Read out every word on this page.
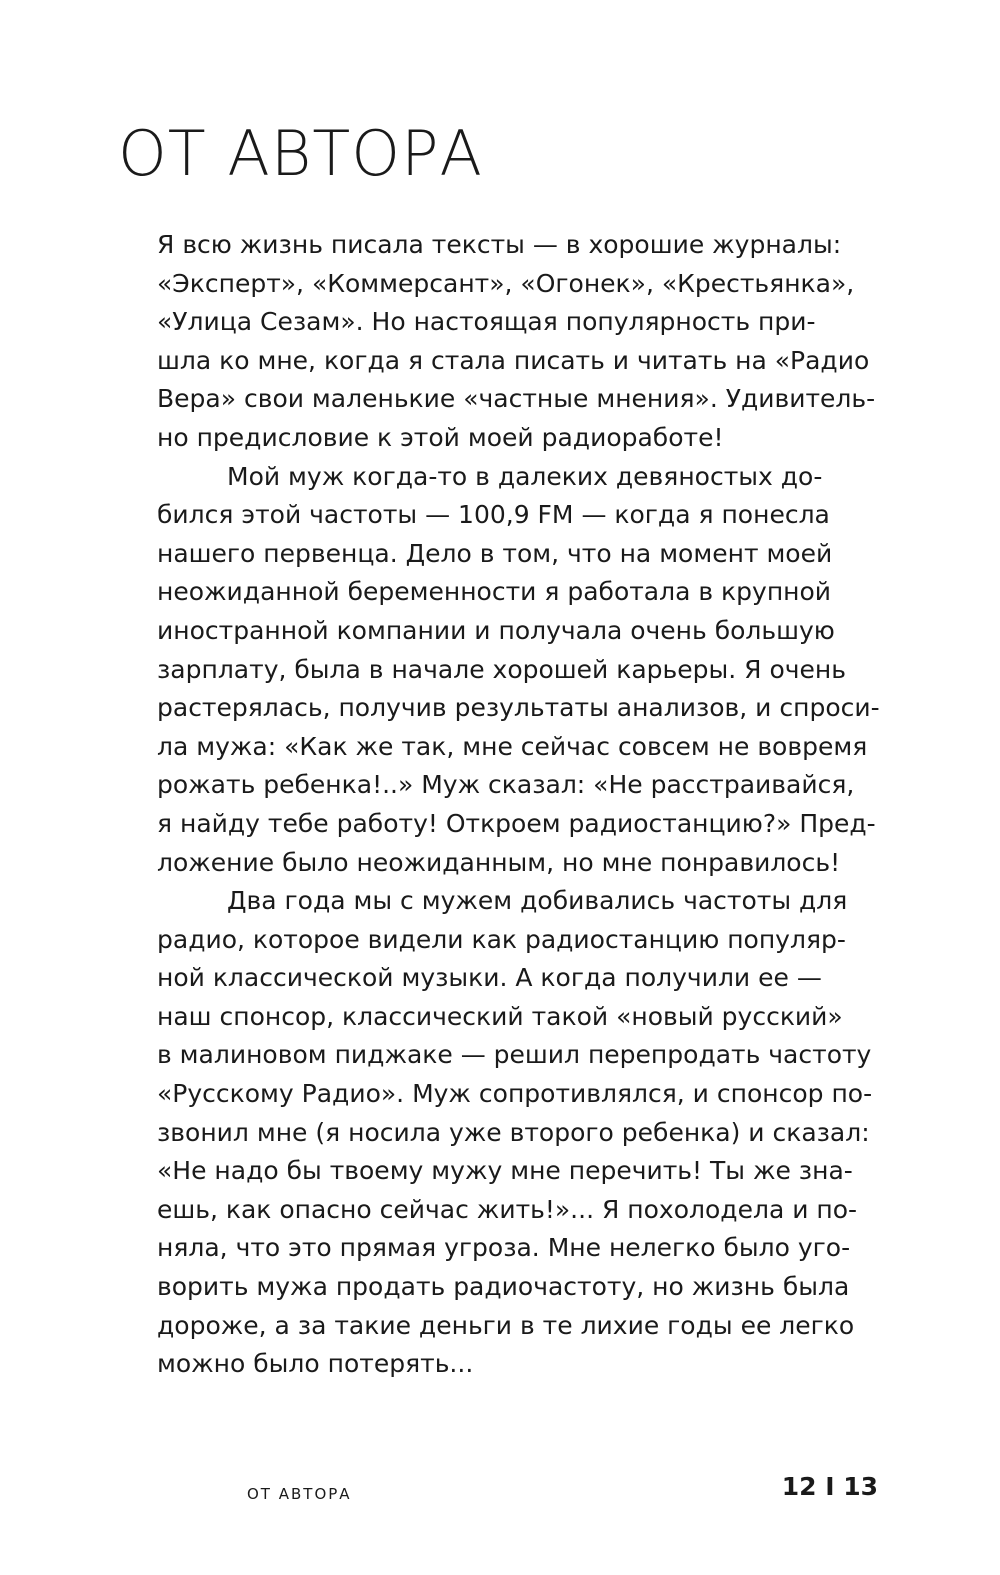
ОТ АВТОРА
Я всю жизнь писала тексты — в хорошие журналы:
«Эксперт», «Коммерсант», «Огонек», «Крестьянка»,
«Улица Сезам». Но настоящая популярность при-
шла ко мне, когда я стала писать и читать на «Радио
Вера» свои маленькие «частные мнения». Удивитель-
но предисловие к этой моей радиоработе!
Мой муж когда-то в далеких девяностых до-
бился этой частоты — 100,9 FM — когда я понесла
нашего первенца. Дело в том, что на момент моей
неожиданной беременности я работала в крупной
иностранной компании и получала очень большую
зарплату, была в начале хорошей карьеры. Я очень
растерялась, получив результаты анализов, и спроси-
ла мужа: «Как же так, мне сейчас совсем не вовремя
рожать ребенка!..» Муж сказал: «Не расстраивайся,
я найду тебе работу! Откроем радиостанцию?» Пред-
ложение было неожиданным, но мне понравилось!
Два года мы с мужем добивались частоты для
радио, которое видели как радиостанцию популяр-
ной классической музыки. А когда получили ее —
наш спонсор, классический такой «новый русский»
в малиновом пиджаке — решил перепродать частоту
«Русскому Радио». Муж сопротивлялся, и спонсор по-
звонил мне (я носила уже второго ребенка) и сказал:
«Не надо бы твоему мужу мне перечить! Ты же зна-
ешь, как опасно сейчас жить!»... Я похолодела и по-
няла, что это прямая угроза. Мне нелегко было уго-
ворить мужа продать радиочастоту, но жизнь была
дороже, а за такие деньги в те лихие годы ее легко
можно было потерять...
ОТ АВТОРА	12 I 13
